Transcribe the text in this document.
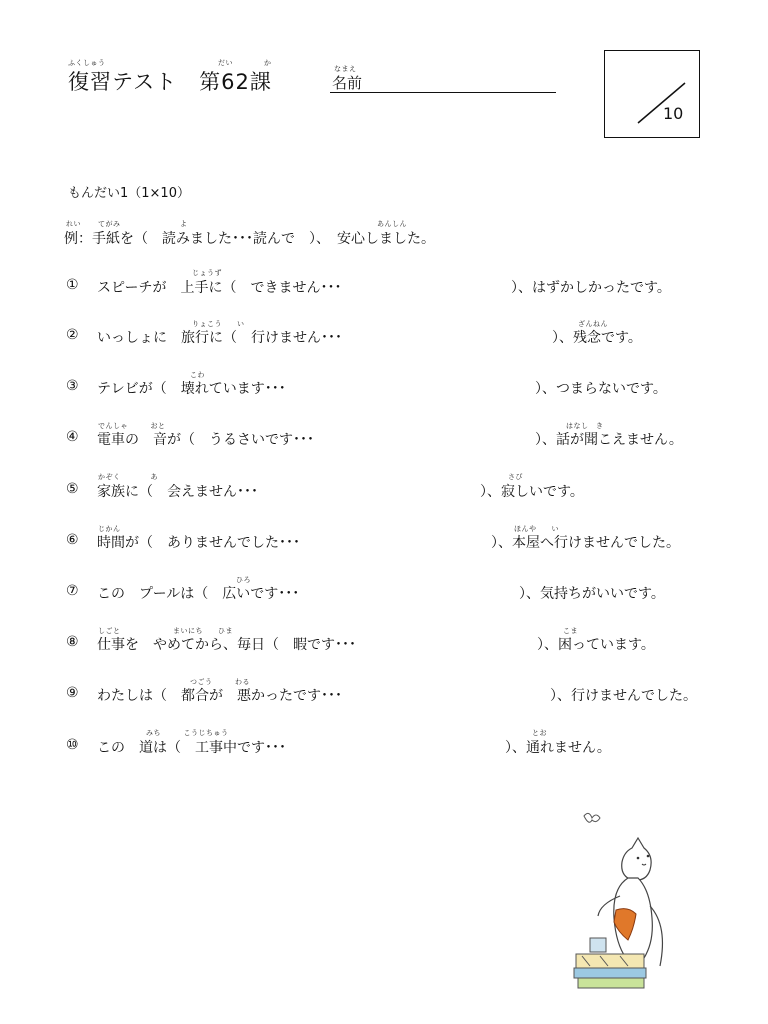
ふくしゅう	だい	か
復習テスト　第62課
なまえ
名前
10
もんだい1（1×10）
れい てがみ	よ	あんしん
例：手紙を（　読みました･･･読んで　）、　安心しました。
じょうず
① スピーチが　上手に（　できません･･･	）、はずかしかったです。
りょこう　　い	ざんねん
② いっしょに　旅行に（　行けません･･･	）、残念です。
こわ
③ テレビが（　壊れています･･･	）、つまらないです。
でんしゃ　　　おと	はなし　き
④ 電車の　音が（　うるさいです･･･	）、話が聞こえません。
かぞく　　　　あ	さび
⑤ 家族に（　会えません･･･	）、寂しいです。
じかん	ほんや　　い
⑥ 時間が（　ありませんでした･･･	）、本屋へ行けませんでした。
ひろ
⑦ この　プールは（　広いです･･･	）、気持ちがいいです。
しごと　　　　　　　まいにち　　ひま	こま
⑧ 仕事を　やめてから、毎日（　暇です･･･	）、困っています。
つごう　　　わる
⑨ わたしは（　都合が　悪かったです･･･	）、行けませんでした。
みち　　　こうじちゅう	とお
⑩ この　道は（　工事中です･･･	）、通れません。
